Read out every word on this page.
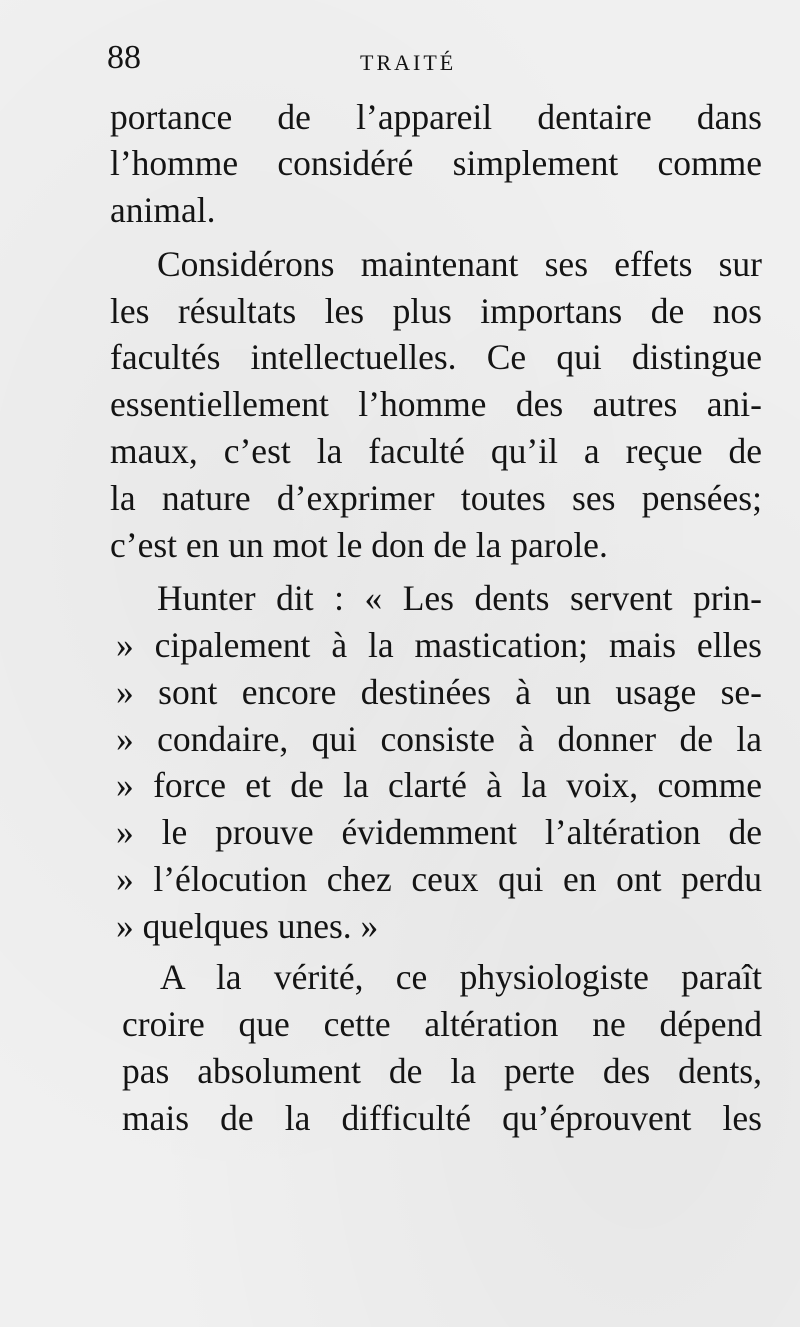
88	TRAITÉ
portance de l’appareil dentaire dans
l’homme considéré simplement comme
animal.
Considérons maintenant ses effets sur
les résultats les plus importans de nos
facultés intellectuelles. Ce qui distingue
essentiellement l’homme des autres ani-
maux, c’est la faculté qu’il a reçue de
la nature d’exprimer toutes ses pensées;
c’est en un mot le don de la parole.
Hunter dit : « Les dents servent prin-
» cipalement à la mastication; mais elles
» sont encore destinées à un usage se-
» condaire, qui consiste à donner de la
» force et de la clarté à la voix, comme
» le prouve évidemment l’altération de
» l’élocution chez ceux qui en ont perdu
» quelques unes. »
A la vérité, ce physiologiste paraît
croire que cette altération ne dépend
pas absolument de la perte des dents,
mais de la difficulté qu’éprouvent les
